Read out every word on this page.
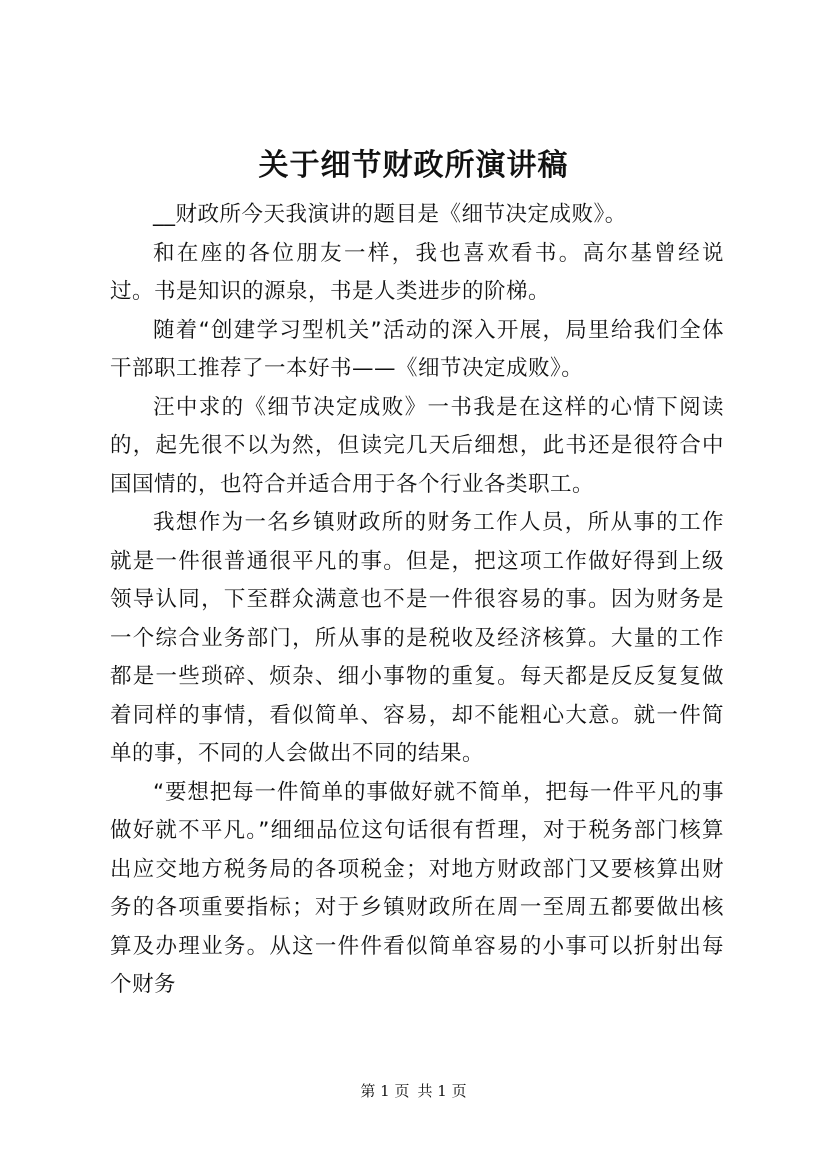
关于细节财政所演讲稿

__财政所今天我演讲的题目是《细节决定成败》。

和在座的各位朋友一样，我也喜欢看书。高尔基曾经说过。书是知识的源泉，书是人类进步的阶梯。

随着“创建学习型机关”活动的深入开展，局里给我们全体干部职工推荐了一本好书——《细节决定成败》。

汪中求的《细节决定成败》一书我是在这样的心情下阅读的，起先很不以为然，但读完几天后细想，此书还是很符合中国国情的，也符合并适合用于各个行业各类职工。

我想作为一名乡镇财政所的财务工作人员，所从事的工作就是一件很普通很平凡的事。但是，把这项工作做好得到上级领导认同，下至群众满意也不是一件很容易的事。因为财务是一个综合业务部门，所从事的是税收及经济核算。大量的工作都是一些琐碎、烦杂、细小事物的重复。每天都是反反复复做着同样的事情，看似简单、容易，却不能粗心大意。就一件简单的事，不同的人会做出不同的结果。

“要想把每一件简单的事做好就不简单，把每一件平凡的事做好就不平凡。”细细品位这句话很有哲理，对于税务部门核算出应交地方税务局的各项税金；对地方财政部门又要核算出财务的各项重要指标；对于乡镇财政所在周一至周五都要做出核算及办理业务。从这一件件看似简单容易的小事可以折射出每个财务

第 1 页 共 1 页
